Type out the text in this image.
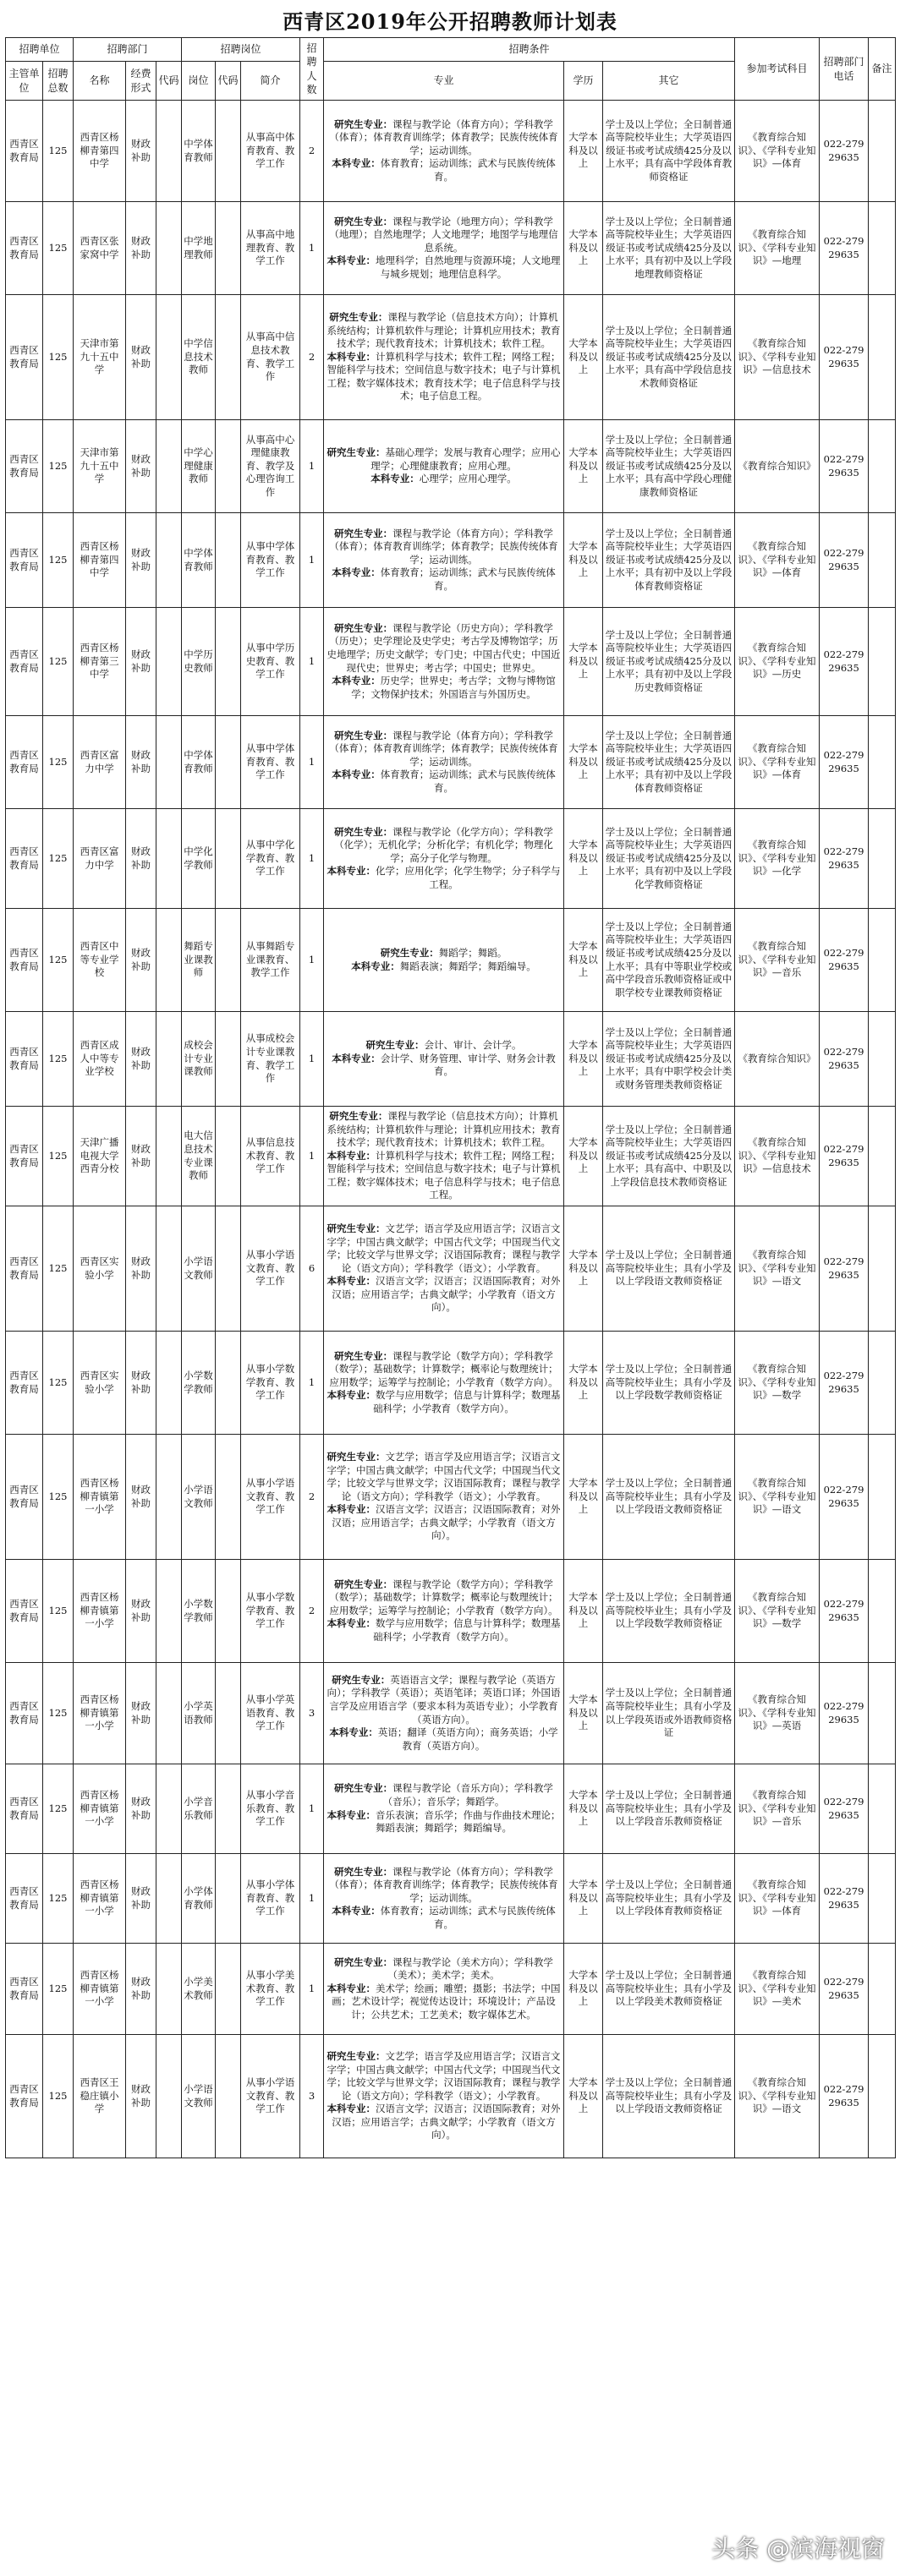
西青区2019年公开招聘教师计划表
招聘单位		招聘部门			招聘岗位			招聘人数	招聘条件			参加考试科目	招聘部门电话	备注
主管单位	招聘总数	名称	经费形式	代码	岗位	代码	简介		专业	学历	其它			
西青区教育局	125	西青区杨柳青第四中学	财政补助		中学体育教师		从事高中体育教育、教学工作	2	研究生专业：课程与教学论（体育方向）；学科教学（体育）；体育教育训练学；体育教学；民族传统体育学；运动训练。
本科专业：体育教育；运动训练；武术与民族传统体育。	大学本科及以上	学士及以上学位；全日制普通高等院校毕业生；大学英语四级证书或考试成绩425分及以上水平；具有高中学段体育教师资格证	《教育综合知识》、《学科专业知识》—体育	022-27929635	
西青区教育局	125	西青区张家窝中学	财政补助		中学地理教师		从事高中地理教育、教学工作	1	研究生专业：课程与教学论（地理方向）；学科教学（地理）；自然地理学；人文地理学；地图学与地理信息系统。
本科专业：地理科学；自然地理与资源环境；人文地理与城乡规划；地理信息科学。	大学本科及以上	学士及以上学位；全日制普通高等院校毕业生；大学英语四级证书或考试成绩425分及以上水平；具有初中及以上学段地理教师资格证	《教育综合知识》、《学科专业知识》—地理	022-27929635	
西青区教育局	125	天津市第九十五中学	财政补助		中学信息技术教师		从事高中信息技术教育、教学工作	2	研究生专业：课程与教学论（信息技术方向）；计算机系统结构；计算机软件与理论；计算机应用技术；教育技术学；现代教育技术；计算机技术；软件工程。
本科专业：计算机科学与技术；软件工程；网络工程；智能科学与技术；空间信息与数字技术；电子与计算机工程；数字媒体技术；教育技术学；电子信息科学与技术；电子信息工程。	大学本科及以上	学士及以上学位；全日制普通高等院校毕业生；大学英语四级证书或考试成绩425分及以上水平；具有高中学段信息技术教师资格证	《教育综合知识》、《学科专业知识》—信息技术	022-27929635	
西青区教育局	125	天津市第九十五中学	财政补助		中学心理健康教师		从事高中心理健康教育、教学及心理咨询工作	1	研究生专业：基础心理学；发展与教育心理学；应用心理学；心理健康教育；应用心理。
本科专业：心理学；应用心理学。	大学本科及以上	学士及以上学位；全日制普通高等院校毕业生；大学英语四级证书或考试成绩425分及以上水平；具有高中学段心理健康教师资格证	《教育综合知识》	022-27929635	
西青区教育局	125	西青区杨柳青第四中学	财政补助		中学体育教师		从事中学体育教育、教学工作	1	研究生专业：课程与教学论（体育方向）；学科教学（体育）；体育教育训练学；体育教学；民族传统体育学；运动训练。
本科专业：体育教育；运动训练；武术与民族传统体育。	大学本科及以上	学士及以上学位；全日制普通高等院校毕业生；大学英语四级证书或考试成绩425分及以上水平；具有初中及以上学段体育教师资格证	《教育综合知识》、《学科专业知识》—体育	022-27929635	
西青区教育局	125	西青区杨柳青第三中学	财政补助		中学历史教师		从事中学历史教育、教学工作	1	研究生专业：课程与教学论（历史方向）；学科教学（历史）；史学理论及史学史；考古学及博物馆学；历史地理学；历史文献学；专门史；中国古代史；中国近现代史；世界史；考古学；中国史；世界史。
本科专业：历史学；世界史；考古学；文物与博物馆学；文物保护技术；外国语言与外国历史。	大学本科及以上	学士及以上学位；全日制普通高等院校毕业生；大学英语四级证书或考试成绩425分及以上水平；具有初中及以上学段历史教师资格证	《教育综合知识》、《学科专业知识》—历史	022-27929635	
西青区教育局	125	西青区富力中学	财政补助		中学体育教师		从事中学体育教育、教学工作	1	研究生专业：课程与教学论（体育方向）；学科教学（体育）；体育教育训练学；体育教学；民族传统体育学；运动训练。
本科专业：体育教育；运动训练；武术与民族传统体育。	大学本科及以上	学士及以上学位；全日制普通高等院校毕业生；大学英语四级证书或考试成绩425分及以上水平；具有初中及以上学段体育教师资格证	《教育综合知识》、《学科专业知识》—体育	022-27929635	
西青区教育局	125	西青区富力中学	财政补助		中学化学教师		从事中学化学教育、教学工作	1	研究生专业：课程与教学论（化学方向）；学科教学（化学）；无机化学；分析化学；有机化学；物理化学；高分子化学与物理。
本科专业：化学；应用化学；化学生物学；分子科学与工程。	大学本科及以上	学士及以上学位；全日制普通高等院校毕业生；大学英语四级证书或考试成绩425分及以上水平；具有初中及以上学段化学教师资格证	《教育综合知识》、《学科专业知识》—化学	022-27929635	
西青区教育局	125	西青区中等专业学校	财政补助		舞蹈专业课教师		从事舞蹈专业课教育、教学工作	1	研究生专业：舞蹈学；舞蹈。
本科专业：舞蹈表演；舞蹈学；舞蹈编导。	大学本科及以上	学士及以上学位；全日制普通高等院校毕业生；大学英语四级证书或考试成绩425分及以上水平；具有中等职业学校或高中学段音乐教师资格证或中职学校专业课教师资格证	《教育综合知识》、《学科专业知识》—音乐	022-27929635	
西青区教育局	125	西青区成人中等专业学校	财政补助		成校会计专业课教师		从事成校会计专业课教育、教学工作	1	研究生专业：会计、审计、会计学。
本科专业：会计学、财务管理、审计学、财务会计教育。	大学本科及以上	学士及以上学位；全日制普通高等院校毕业生；大学英语四级证书或考试成绩425分及以上水平；具有中职学校会计类或财务管理类教师资格证	《教育综合知识》	022-27929635	
西青区教育局	125	天津广播电视大学西青分校	财政补助		电大信息技术专业课教师		从事信息技术教育、教学工作	1	研究生专业：课程与教学论（信息技术方向）；计算机系统结构；计算机软件与理论；计算机应用技术；教育技术学；现代教育技术；计算机技术；软件工程。
本科专业：计算机科学与技术；软件工程；网络工程；智能科学与技术；空间信息与数字技术；电子与计算机工程；数字媒体技术；电子信息科学与技术；电子信息工程。	大学本科及以上	学士及以上学位；全日制普通高等院校毕业生；大学英语四级证书或考试成绩425分及以上水平；具有高中、中职及以上学段信息技术教师资格证	《教育综合知识》、《学科专业知识》—信息技术	022-27929635	
西青区教育局	125	西青区实验小学	财政补助		小学语文教师		从事小学语文教育、教学工作	6	研究生专业：文艺学；语言学及应用语言学；汉语言文字学；中国古典文献学；中国古代文学；中国现当代文学；比较文学与世界文学；汉语国际教育；课程与教学论（语文方向）；学科教学（语文）；小学教育。
本科专业：汉语言文学；汉语言；汉语国际教育；对外汉语；应用语言学；古典文献学；小学教育（语文方向）。	大学本科及以上	学士及以上学位；全日制普通高等院校毕业生；具有小学及以上学段语文教师资格证	《教育综合知识》、《学科专业知识》—语文	022-27929635	
西青区教育局	125	西青区实验小学	财政补助		小学数学教师		从事小学数学教育、教学工作	1	研究生专业：课程与教学论（数学方向）；学科教学（数学）；基础数学；计算数学；概率论与数理统计；应用数学；运筹学与控制论；小学教育（数学方向）。
本科专业：数学与应用数学；信息与计算科学；数理基础科学；小学教育（数学方向）。	大学本科及以上	学士及以上学位；全日制普通高等院校毕业生；具有小学及以上学段数学教师资格证	《教育综合知识》、《学科专业知识》—数学	022-27929635	
西青区教育局	125	西青区杨柳青镇第一小学	财政补助		小学语文教师		从事小学语文教育、教学工作	2	研究生专业：文艺学；语言学及应用语言学；汉语言文字学；中国古典文献学；中国古代文学；中国现当代文学；比较文学与世界文学；汉语国际教育；课程与教学论（语文方向）；学科教学（语文）；小学教育。
本科专业：汉语言文学；汉语言；汉语国际教育；对外汉语；应用语言学；古典文献学；小学教育（语文方向）。	大学本科及以上	学士及以上学位；全日制普通高等院校毕业生；具有小学及以上学段语文教师资格证	《教育综合知识》、《学科专业知识》—语文	022-27929635	
西青区教育局	125	西青区杨柳青镇第一小学	财政补助		小学数学教师		从事小学数学教育、教学工作	2	研究生专业：课程与教学论（数学方向）；学科教学（数学）；基础数学；计算数学；概率论与数理统计；应用数学；运筹学与控制论；小学教育（数学方向）。
本科专业：数学与应用数学；信息与计算科学；数理基础科学；小学教育（数学方向）。	大学本科及以上	学士及以上学位；全日制普通高等院校毕业生；具有小学及以上学段数学教师资格证	《教育综合知识》、《学科专业知识》—数学	022-27929635	
西青区教育局	125	西青区杨柳青镇第一小学	财政补助		小学英语教师		从事小学英语教育、教学工作	3	研究生专业：英语语言文学；课程与教学论（英语方向）；学科教学（英语）；英语笔译；英语口译；外国语言学及应用语言学（要求本科为英语专业）；小学教育（英语方向）。
本科专业：英语；翻译（英语方向）；商务英语；小学教育（英语方向）。	大学本科及以上	学士及以上学位；全日制普通高等院校毕业生；具有小学及以上学段英语或外语教师资格证	《教育综合知识》、《学科专业知识》—英语	022-27929635	
西青区教育局	125	西青区杨柳青镇第一小学	财政补助		小学音乐教师		从事小学音乐教育、教学工作	1	研究生专业：课程与教学论（音乐方向）；学科教学（音乐）；音乐学；舞蹈学。
本科专业：音乐表演；音乐学；作曲与作曲技术理论；舞蹈表演；舞蹈学；舞蹈编导。	大学本科及以上	学士及以上学位；全日制普通高等院校毕业生；具有小学及以上学段音乐教师资格证	《教育综合知识》、《学科专业知识》—音乐	022-27929635	
西青区教育局	125	西青区杨柳青镇第一小学	财政补助		小学体育教师		从事小学体育教育、教学工作	1	研究生专业：课程与教学论（体育方向）；学科教学（体育）；体育教育训练学；体育教学；民族传统体育学；运动训练。
本科专业：体育教育；运动训练；武术与民族传统体育。	大学本科及以上	学士及以上学位；全日制普通高等院校毕业生；具有小学及以上学段体育教师资格证	《教育综合知识》、《学科专业知识》—体育	022-27929635	
西青区教育局	125	西青区杨柳青镇第一小学	财政补助		小学美术教师		从事小学美术教育、教学工作	1	研究生专业：课程与教学论（美术方向）；学科教学（美术）；美术学；美术。
本科专业：美术学；绘画；雕塑；摄影；书法学；中国画；艺术设计学；视觉传达设计；环境设计；产品设计；公共艺术；工艺美术；数字媒体艺术。	大学本科及以上	学士及以上学位；全日制普通高等院校毕业生；具有小学及以上学段美术教师资格证	《教育综合知识》、《学科专业知识》—美术	022-27929635	
西青区教育局	125	西青区王稳庄镇小学	财政补助		小学语文教师		从事小学语文教育、教学工作	3	研究生专业：文艺学；语言学及应用语言学；汉语言文字学；中国古典文献学；中国古代文学；中国现当代文学；比较文学与世界文学；汉语国际教育；课程与教学论（语文方向）；学科教学（语文）；小学教育。
本科专业：汉语言文学；汉语言；汉语国际教育；对外汉语；应用语言学；古典文献学；小学教育（语文方向）。	大学本科及以上	学士及以上学位；全日制普通高等院校毕业生；具有小学及以上学段语文教师资格证	《教育综合知识》、《学科专业知识》—语文	022-27929635	
头条 @滨海视窗
